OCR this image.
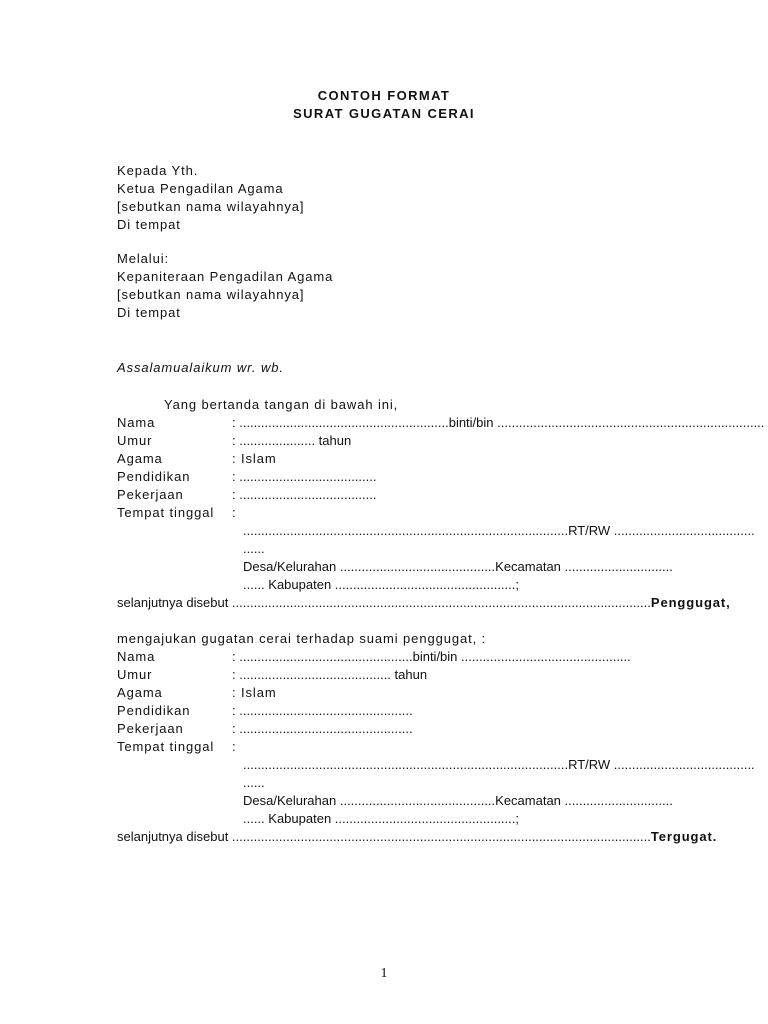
CONTOH FORMAT
SURAT GUGATAN CERAI
Kepada Yth.
Ketua Pengadilan Agama
[sebutkan nama wilayahnya]
Di tempat
Melalui:
Kepaniteraan Pengadilan Agama
[sebutkan nama wilayahnya]
Di tempat
Assalamualaikum wr. wb.
Yang bertanda tangan di bawah ini,
Nama	: ..........................................................binti/bin ..........................................................................
Umur	: ..................... tahun
Agama	: Islam
Pendidikan	: ......................................
Pekerjaan	: ......................................
Tempat tinggal :
..........................................................................................RT/RW .......................................
......
Desa/Kelurahan ...........................................Kecamatan ..............................
...... Kabupaten ..................................................;
selanjutnya disebut ....................................................................................................................Penggugat,
mengajukan gugatan cerai terhadap suami penggugat, :
Nama	: ................................................binti/bin ...............................................
Umur	: .......................................... tahun
Agama	: Islam
Pendidikan	: ................................................
Pekerjaan	: ................................................
Tempat tinggal :
..........................................................................................RT/RW .......................................
......
Desa/Kelurahan ...........................................Kecamatan ..............................
...... Kabupaten ..................................................;
selanjutnya disebut ....................................................................................................................Tergugat.
1
